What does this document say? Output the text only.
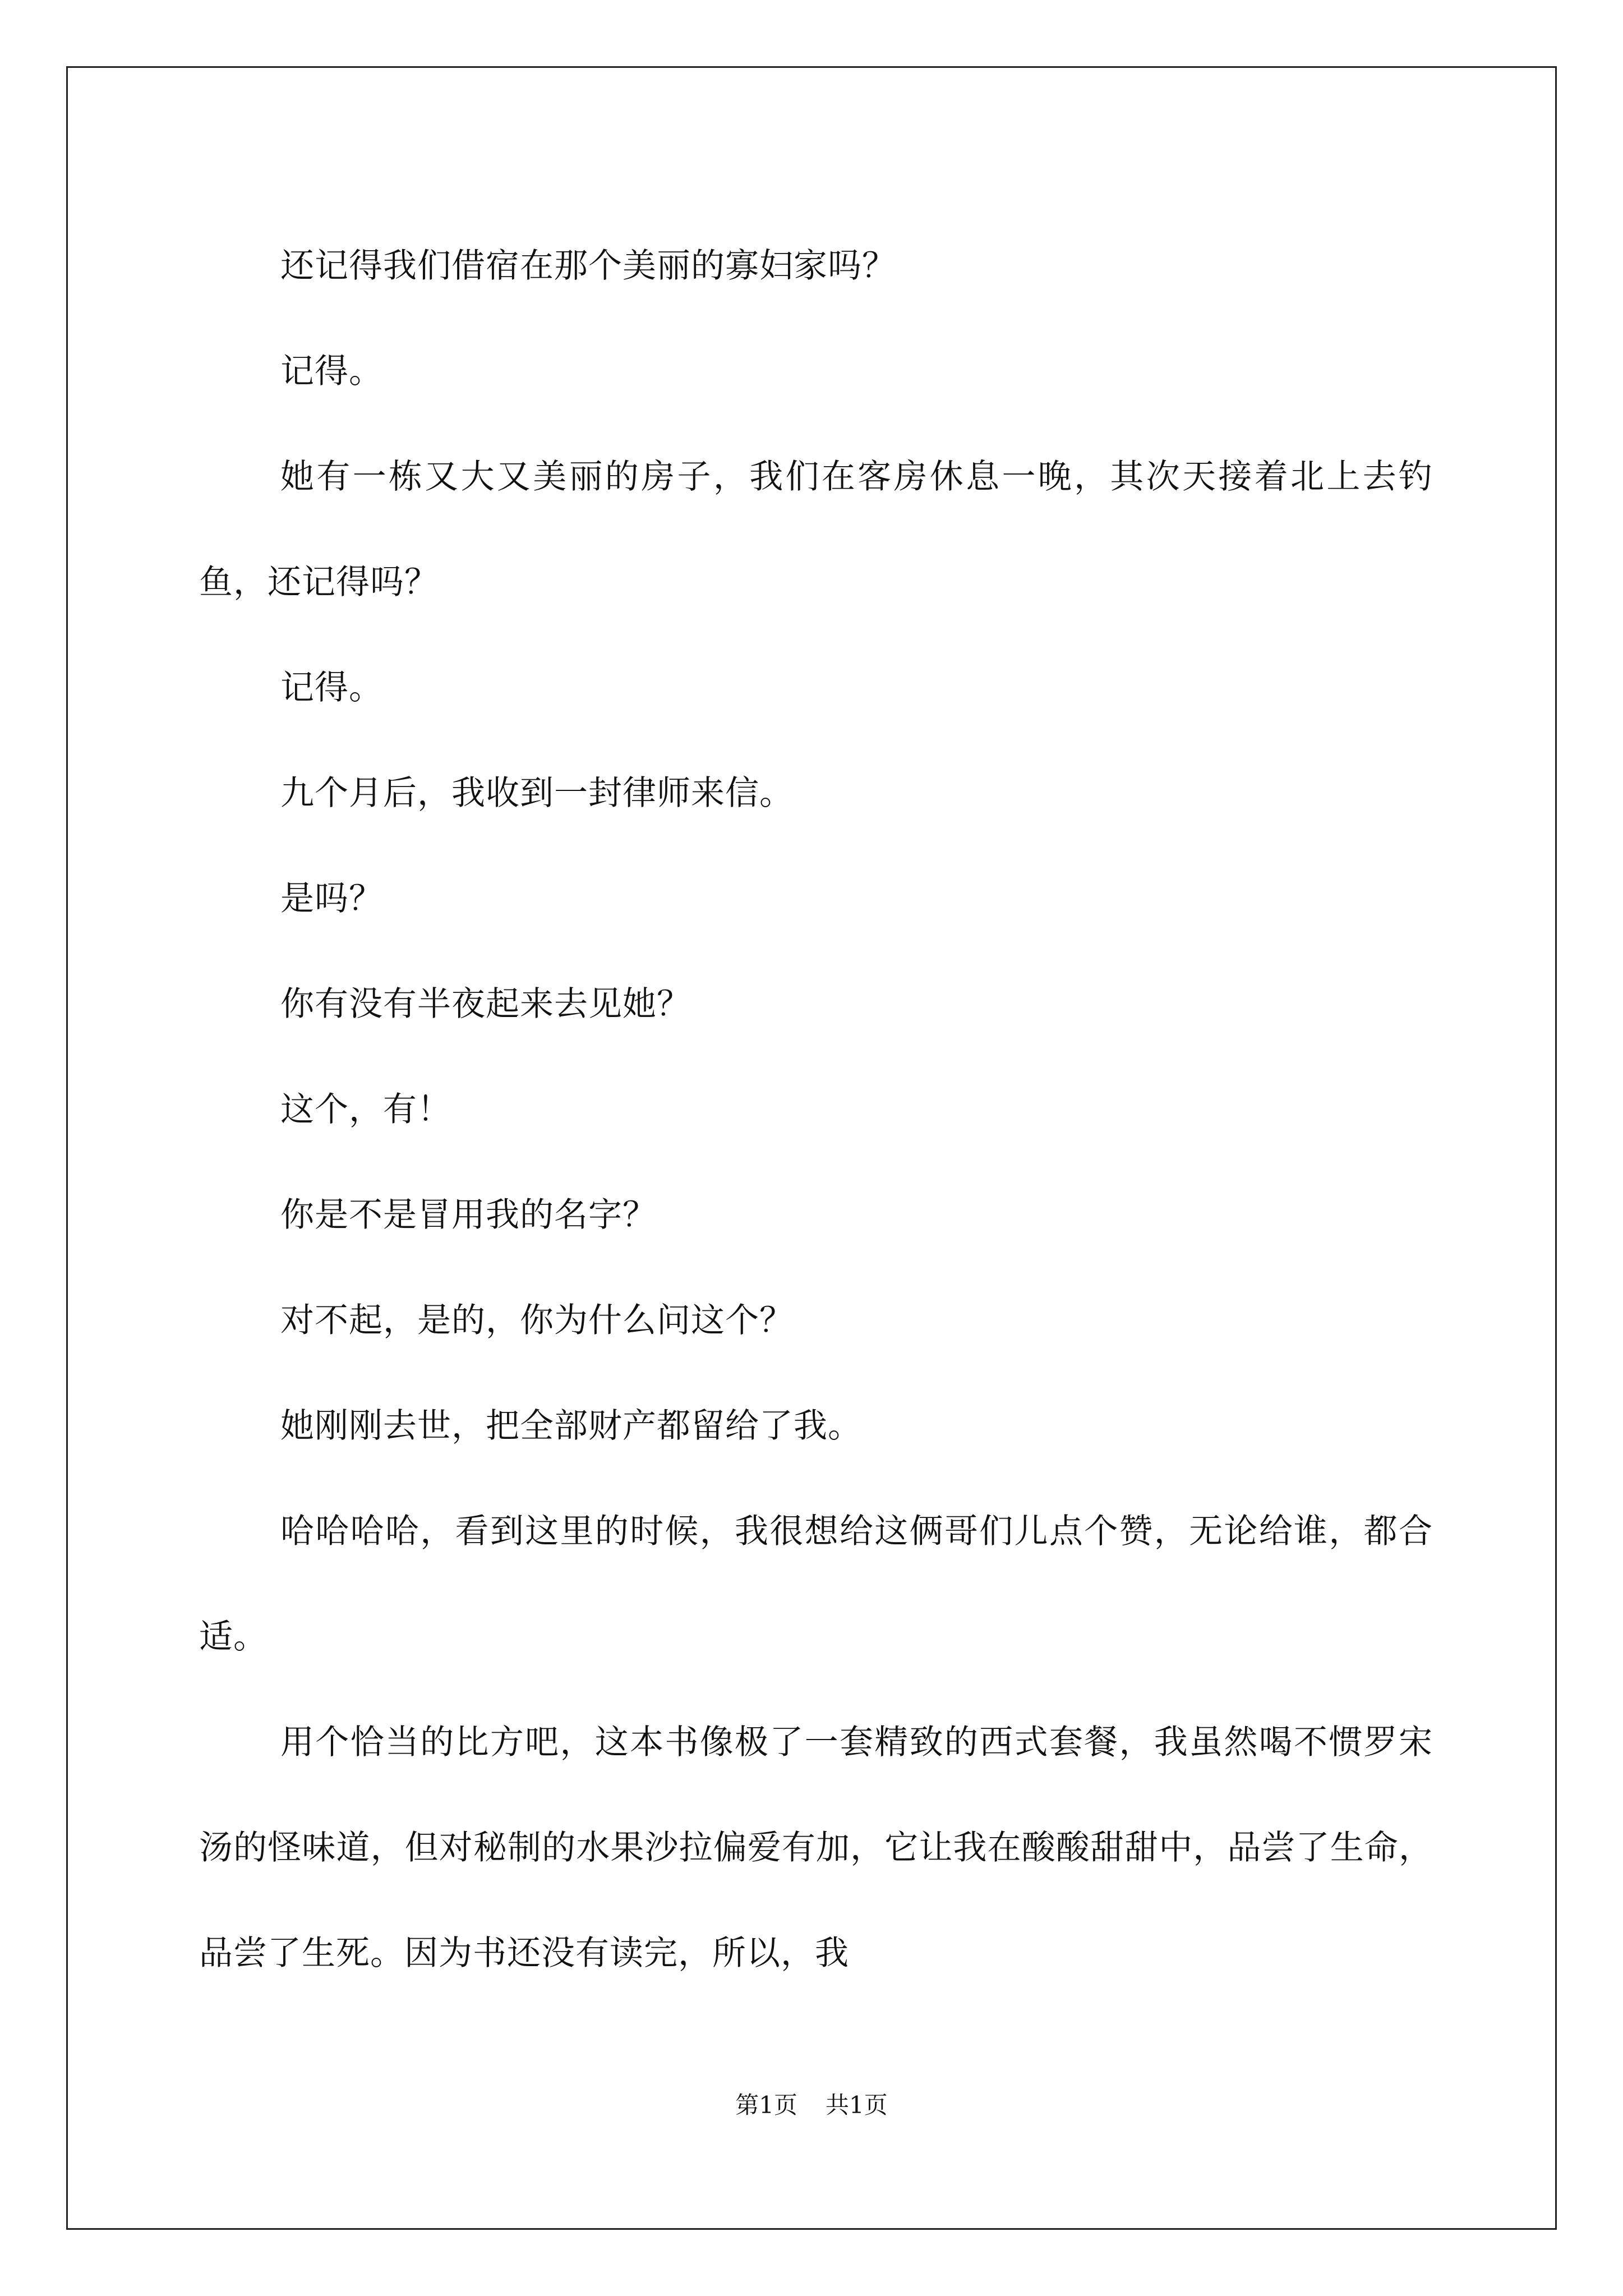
还记得我们借宿在那个美丽的寡妇家吗？

记得。

她有一栋又大又美丽的房子，我们在客房休息一晚，其次天接着北上去钓鱼，还记得吗？

记得。

九个月后，我收到一封律师来信。

是吗？

你有没有半夜起来去见她？

这个，有！

你是不是冒用我的名字？

对不起，是的，你为什么问这个？

她刚刚去世，把全部财产都留给了我。

哈哈哈哈，看到这里的时候，我很想给这俩哥们儿点个赞，无论给谁，都合适。

用个恰当的比方吧，这本书像极了一套精致的西式套餐，我虽然喝不惯罗宋汤的怪味道，但对秘制的水果沙拉偏爱有加，它让我在酸酸甜甜中，品尝了生命，品尝了生死。因为书还没有读完，所以，我

第1页 共1页
